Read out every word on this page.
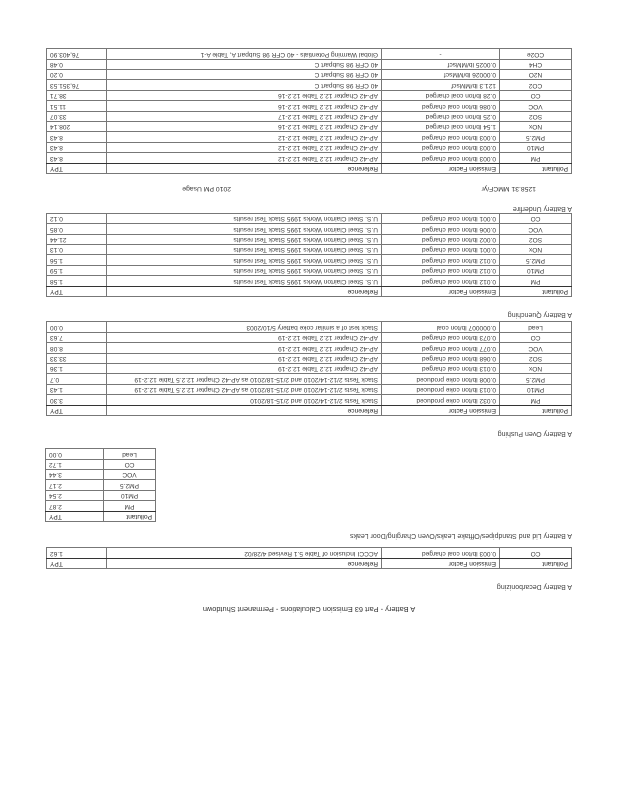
A Battery - Part 63 Emission Calculations - Permanent Shutdown
A Battery Decarbonizing
Pollutant	Emission Factor	Reference	TPY
CO	0.003 lb/ton coal charged	ACCCI Inclusion of Table 5.1 Revised 4/28/02	1.62
A Battery Lid and Standpipes/Offtake Leaks/Oven Charging/Door Leaks
Pollutant	TPY
PM	2.87
PM10	2.54
PM2.5	2.17
VOC	3.44
CO	1.72
Lead	0.00
A Battery Oven Pushing
Pollutant	Emission Factor	Reference	TPY
PM	0.032 lb/ton coke produced	Stack Tests 2/12-14/2010 and 2/15-18/2010	3.30
PM10	0.013 lb/ton coke produced	Stack Tests 2/12-14/2010 and 2/15-18/2010 as AP-42 Chapter 12.2.5 Table 12.2-19	1.43
PM2.5	0.008 lb/ton coke produced	Stack Tests 2/12-14/2010 and 2/15-18/2010 as AP-42 Chapter 12.2.5 Table 12.2-19	0.7
NOx	0.013 lb/ton coal charged	AP-42 Chapter 12.2 Table 12.2-19	1.36
SO2	0.068 lb/ton coal charged	AP-42 Chapter 12.2 Table 12.2-19	33.33
VOC	0.077 lb/ton coal charged	AP-42 Chapter 12.2 Table 12.2-19	8.08
CO	0.073 lb/ton coal charged	AP-42 Chapter 12.2 Table 12.2-19	7.63
Lead	0.000007 lb/ton coal	Stack test of a similar coke battery 5/10/2003	0.00
A Battery Quenching
Pollutant	Emission Factor	Reference	TPY
PM	0.012 lb/ton coal charged	U.S. Steel Clairton Works 1995 Stack Test results	1.58
PM10	0.012 lb/ton coal charged	U.S. Steel Clairton Works 1995 Stack Test results	1.59
PM2.5	0.012 lb/ton coal charged	U.S. Steel Clairton Works 1995 Stack Test results	1.56
NOx	0.001 lb/ton coal charged	U.S. Steel Clairton Works 1995 Stack Test results	0.13
SO2	0.002 lb/ton coal charged	U.S. Steel Clairton Works 1995 Stack Test results	21.44
VOC	0.006 lb/ton coal charged	U.S. Steel Clairton Works 1995 Stack Test results	0.85
CO	0.001 lb/ton coal charged	U.S. Steel Clairton Works 1995 Stack Test results	0.12
A Battery Underfire
2010 PM Usage	1258.31 MMCF/yr
Pollutant	Emission Factor	Reference	TPY
PM	0.003 lb/ton coal charged	AP-42 Chapter 12.2 Table 12.2-12	8.43
PM10	0.003 lb/ton coal charged	AP-42 Chapter 12.2 Table 12.2-12	8.43
PM2.5	0.003 lb/ton coal charged	AP-42 Chapter 12.2 Table 12.2-12	8.43
NOx	1.54 lb/ton coal charged	AP-42 Chapter 12.2 Table 12.2-16	208.14
SO2	0.25 lb/ton coal charged	AP-42 Chapter 12.2 Table 12.2-17	33.07
VOC	0.086 lb/ton coal charged	AP-42 Chapter 12.2 Table 12.2-16	11.51
CO	0.28 lb/ton coal charged	AP-42 Chapter 12.2 Table 12.2-16	38.71
CO2	121.3 lb/MMscf	40 CFR 98 Subpart C	76,351.53
N2O	0.00026 lb/MMscf	40 CFR 98 Subpart C	0.20
CH4	0.0025 lb/MMscf	40 CFR 98 Subpart C	0.48
CO2e	-	Global Warming Potentials - 40 CFR 98 Subpart A, Table A-1	76,403.90
